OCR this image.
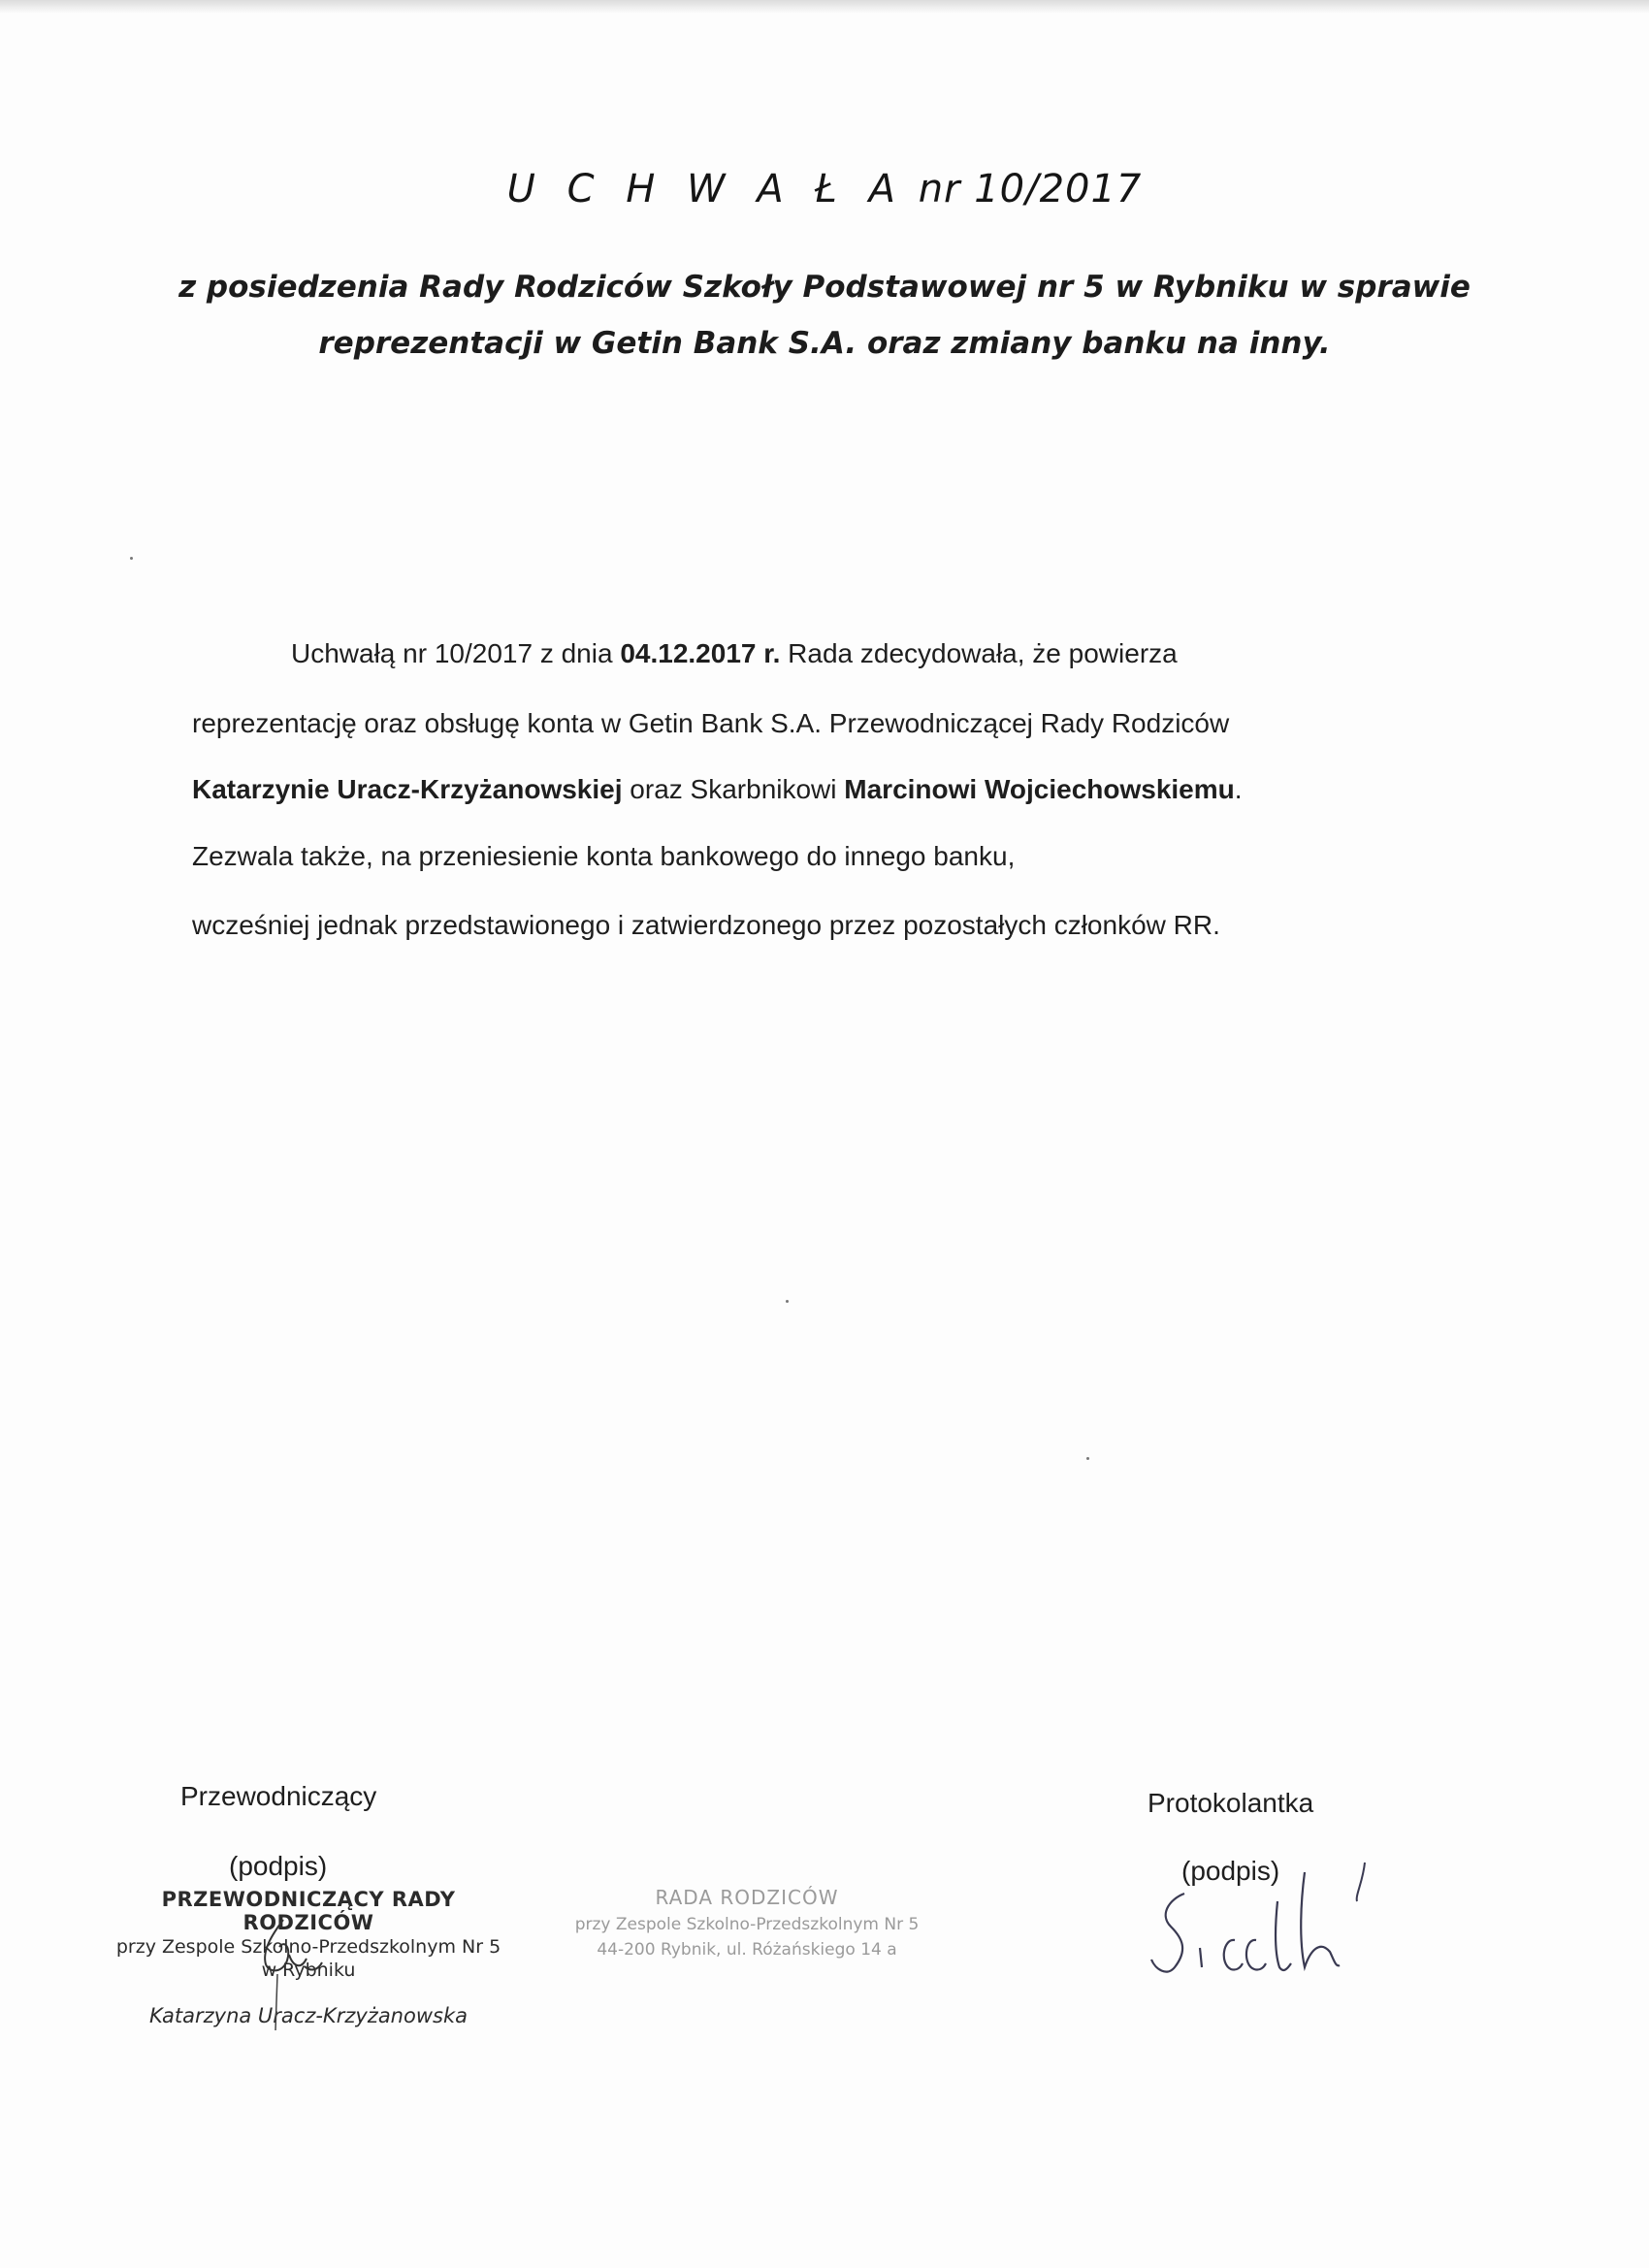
U C H W A Ł A nr 10/2017
z posiedzenia Rady Rodziców Szkoły Podstawowej nr 5 w Rybniku w sprawie
reprezentacji w Getin Bank S.A. oraz zmiany banku na inny.
Uchwałą nr 10/2017 z dnia 04.12.2017 r. Rada zdecydowała, że powierza
reprezentację oraz obsługę konta w Getin Bank S.A. Przewodniczącej Rady Rodziców
Katarzynie Uracz-Krzyżanowskiej oraz Skarbnikowi Marcinowi Wojciechowskiemu.
Zezwala także, na przeniesienie konta bankowego do innego banku,
wcześniej jednak przedstawionego i zatwierdzonego przez pozostałych członków RR.
Przewodniczący
(podpis)
Protokolantka
(podpis)
PRZEWODNICZĄCY RADY RODZICÓW
przy Zespole Szkolno-Przedszkolnym Nr 5
w Rybniku
Katarzyna Uracz-Krzyżanowska
RADA RODZICÓW
przy Zespole Szkolno-Przedszkolnym Nr 5
44-200 Rybnik, ul. Różańskiego 14 a
